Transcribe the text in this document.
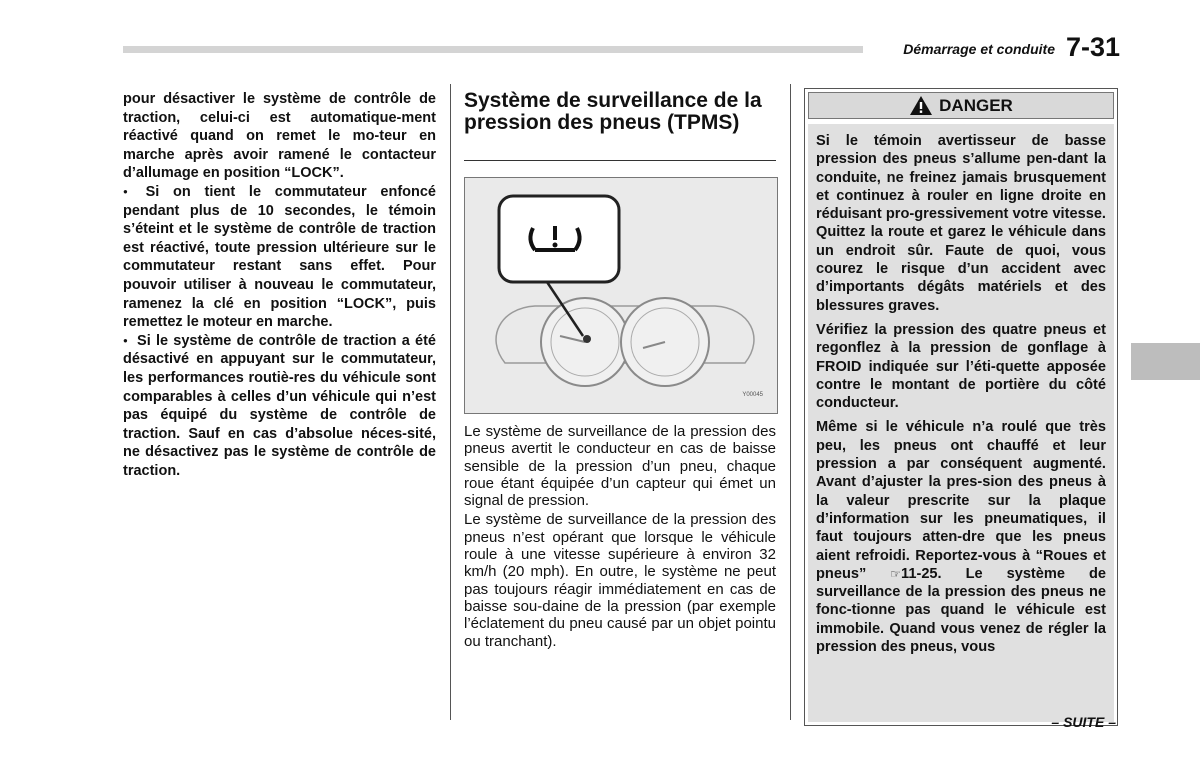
Démarrage et conduite 7-31

pour désactiver le système de contrôle de traction, celui-ci est automatique-ment réactivé quand on remet le mo-teur en marche après avoir ramené le contacteur d’allumage en position “LOCK”.

● Si on tient le commutateur enfoncé pendant plus de 10 secondes, le témoin s’éteint et le système de contrôle de traction est réactivé, toute pression ultérieure sur le commutateur restant sans effet. Pour pouvoir utiliser à nouveau le commutateur, ramenez la clé en position “LOCK”, puis remettez le moteur en marche.

● Si le système de contrôle de traction a été désactivé en appuyant sur le commutateur, les performances routiè-res du véhicule sont comparables à celles d’un véhicule qui n’est pas équipé du système de contrôle de traction. Sauf en cas d’absolue néces-sité, ne désactivez pas le système de contrôle de traction.

Système de surveillance de la pression des pneus (TPMS)
Y00045

Le système de surveillance de la pression des pneus avertit le conducteur en cas de baisse sensible de la pression d’un pneu, chaque roue étant équipée d’un capteur qui émet un signal de pression.

Le système de surveillance de la pression des pneus n’est opérant que lorsque le véhicule roule à une vitesse supérieure à environ 32 km/h (20 mph). En outre, le système ne peut pas toujours réagir immédiatement en cas de baisse sou-daine de la pression (par exemple l’éclatement du pneu causé par un objet pointu ou tranchant).

DANGER

Si le témoin avertisseur de basse pression des pneus s’allume pen-dant la conduite, ne freinez jamais brusquement et continuez à rouler en ligne droite en réduisant pro-gressivement votre vitesse. Quittez la route et garez le véhicule dans un endroit sûr. Faute de quoi, vous courez le risque d’un accident avec d’importants dégâts matériels et des blessures graves.

Vérifiez la pression des quatre pneus et regonflez à la pression de gonflage à FROID indiquée sur l’éti-quette apposée contre le montant de portière du côté conducteur.

Même si le véhicule n’a roulé que très peu, les pneus ont chauffé et leur pression a par conséquent augmenté. Avant d’ajuster la pres-sion des pneus à la valeur prescrite sur la plaque d’information sur les pneumatiques, il faut toujours atten-dre que les pneus aient refroidi. Reportez-vous à “Roues et pneus” ☞11-25. Le système de surveillance de la pression des pneus ne fonc-tionne pas quand le véhicule est immobile. Quand vous venez de régler la pression des pneus, vous

– SUITE –
